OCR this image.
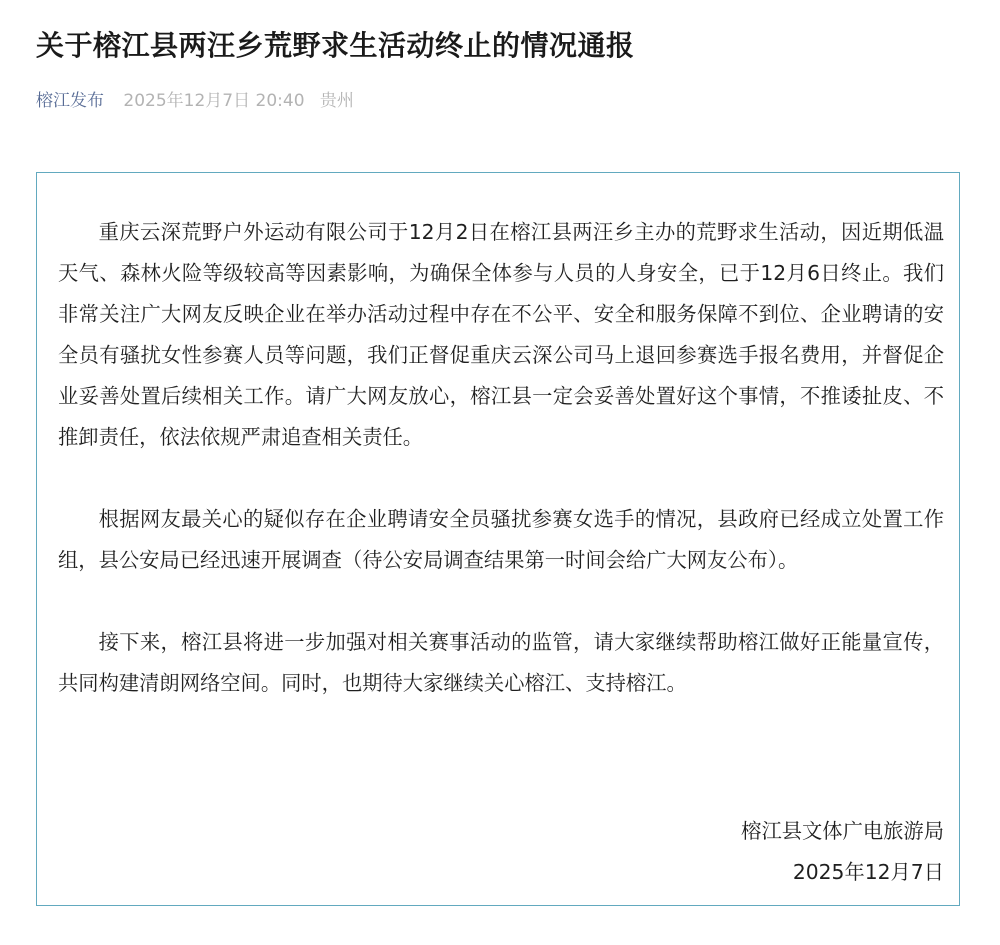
关于榕江县两汪乡荒野求生活动终止的情况通报
榕江发布 2025年12月7日 20:40 贵州

重庆云深荒野户外运动有限公司于12月2日在榕江县两汪乡主办的荒野求生活动，因近期低温天气、森林火险等级较高等因素影响，为确保全体参与人员的人身安全，已于12月6日终止。我们非常关注广大网友反映企业在举办活动过程中存在不公平、安全和服务保障不到位、企业聘请的安全员有骚扰女性参赛人员等问题，我们正督促重庆云深公司马上退回参赛选手报名费用，并督促企业妥善处置后续相关工作。请广大网友放心，榕江县一定会妥善处置好这个事情，不推诿扯皮、不推卸责任，依法依规严肃追查相关责任。

根据网友最关心的疑似存在企业聘请安全员骚扰参赛女选手的情况，县政府已经成立处置工作组，县公安局已经迅速开展调查（待公安局调查结果第一时间会给广大网友公布）。

接下来，榕江县将进一步加强对相关赛事活动的监管，请大家继续帮助榕江做好正能量宣传，共同构建清朗网络空间。同时，也期待大家继续关心榕江、支持榕江。

榕江县文体广电旅游局
2025年12月7日
